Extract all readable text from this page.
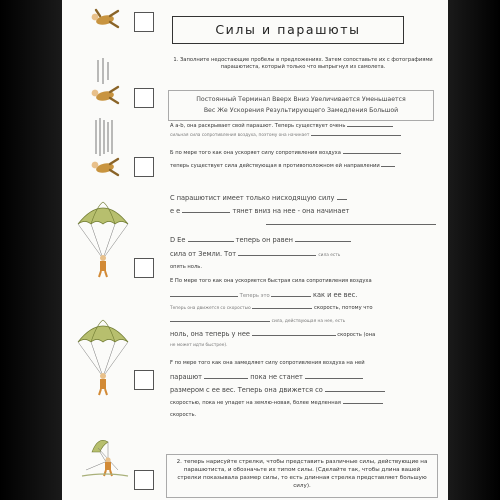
Силы и парашюты
1. Заполните недостающие пробелы в предложениях. Затем сопоставьте их с фотографиями парашютиста, который только что выпрыгнул из самолета.
Постоянный Терминал Вверх Вниз Увеличивается Уменьшается
Вес Же Ускорения Результирующего Замедления Большой
A а-b, она раскрывает свой парашют. Теперь существует очень
сильная сила сопротивления воздуха, поэтому она начинает
Б по мере того как она ускоряет силу сопротивления воздуха
теперь существует сила действующая в противоположном ей направлении
С парашютист имеет только нисходящую силу
е е	тянет вниз на нее - она начинает
D Ее	теперь он равен
сила от Земли. Тот	сила есть
опять ноль.
E По мере того как она ускоряется быстрая сила сопротивления воздуха
Теперь это	как и ее вес.
Теперь она движется со скоростью	скорость, потому что
сила, действующая на нее, есть
ноль, она теперь у нее	скорость (она
не может идти быстрее).
F по мере того как она замедляет силу сопротивления воздуха на ней
парашют	пока не станет
размером с ее вес. Теперь она движется со
скоростью, пока не упадет на землю-новая, более медленная
скорость.
2. теперь нарисуйте стрелки, чтобы представить различные силы, действующие на парашютиста, и обозначьте их типом силы. (Сделайте так, чтобы длина вашей стрелки показывала размер силы, то есть длинная стрелка представляет большую силу).
